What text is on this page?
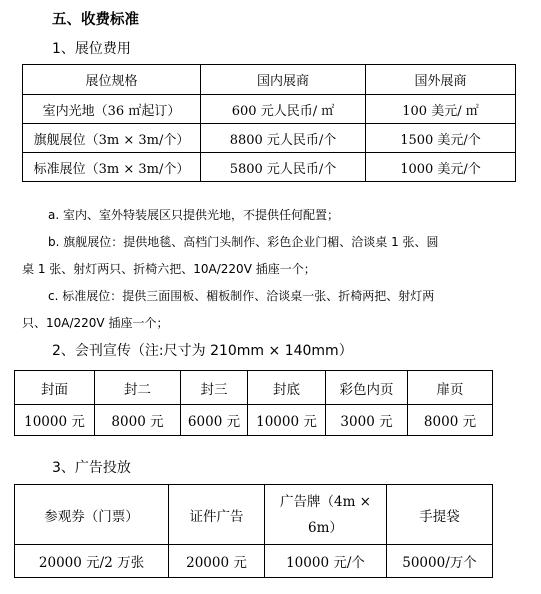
五、收费标准
1、展位费用
展位规格	国内展商	国外展商
室内光地（36 ㎡起订）	600 元人民币/ ㎡	100 美元/ ㎡
旗舰展位（3m × 3m/个）	8800 元人民币/个	1500 美元/个
标准展位（3m × 3m/个）	5800 元人民币/个	1000 美元/个
a. 室内、室外特装展区只提供光地，不提供任何配置；
b. 旗舰展位：提供地毯、高档门头制作、彩色企业门楣、洽谈桌 1 张、圆
桌 1 张、射灯两只、折椅六把、10A/220V 插座一个；
c. 标准展位：提供三面围板、楣板制作、洽谈桌一张、折椅两把、射灯两
只、10A/220V 插座一个；
2、会刊宣传（注:尺寸为 210mm × 140mm）
封面	封二	封三	封底	彩色内页	扉页
10000 元	8000 元	6000 元	10000 元	3000 元	8000 元
3、广告投放
参观券（门票）	证件广告	广告牌（4m × 6m）	手提袋
20000 元/2 万张	20000 元	10000 元/个	50000/万个
